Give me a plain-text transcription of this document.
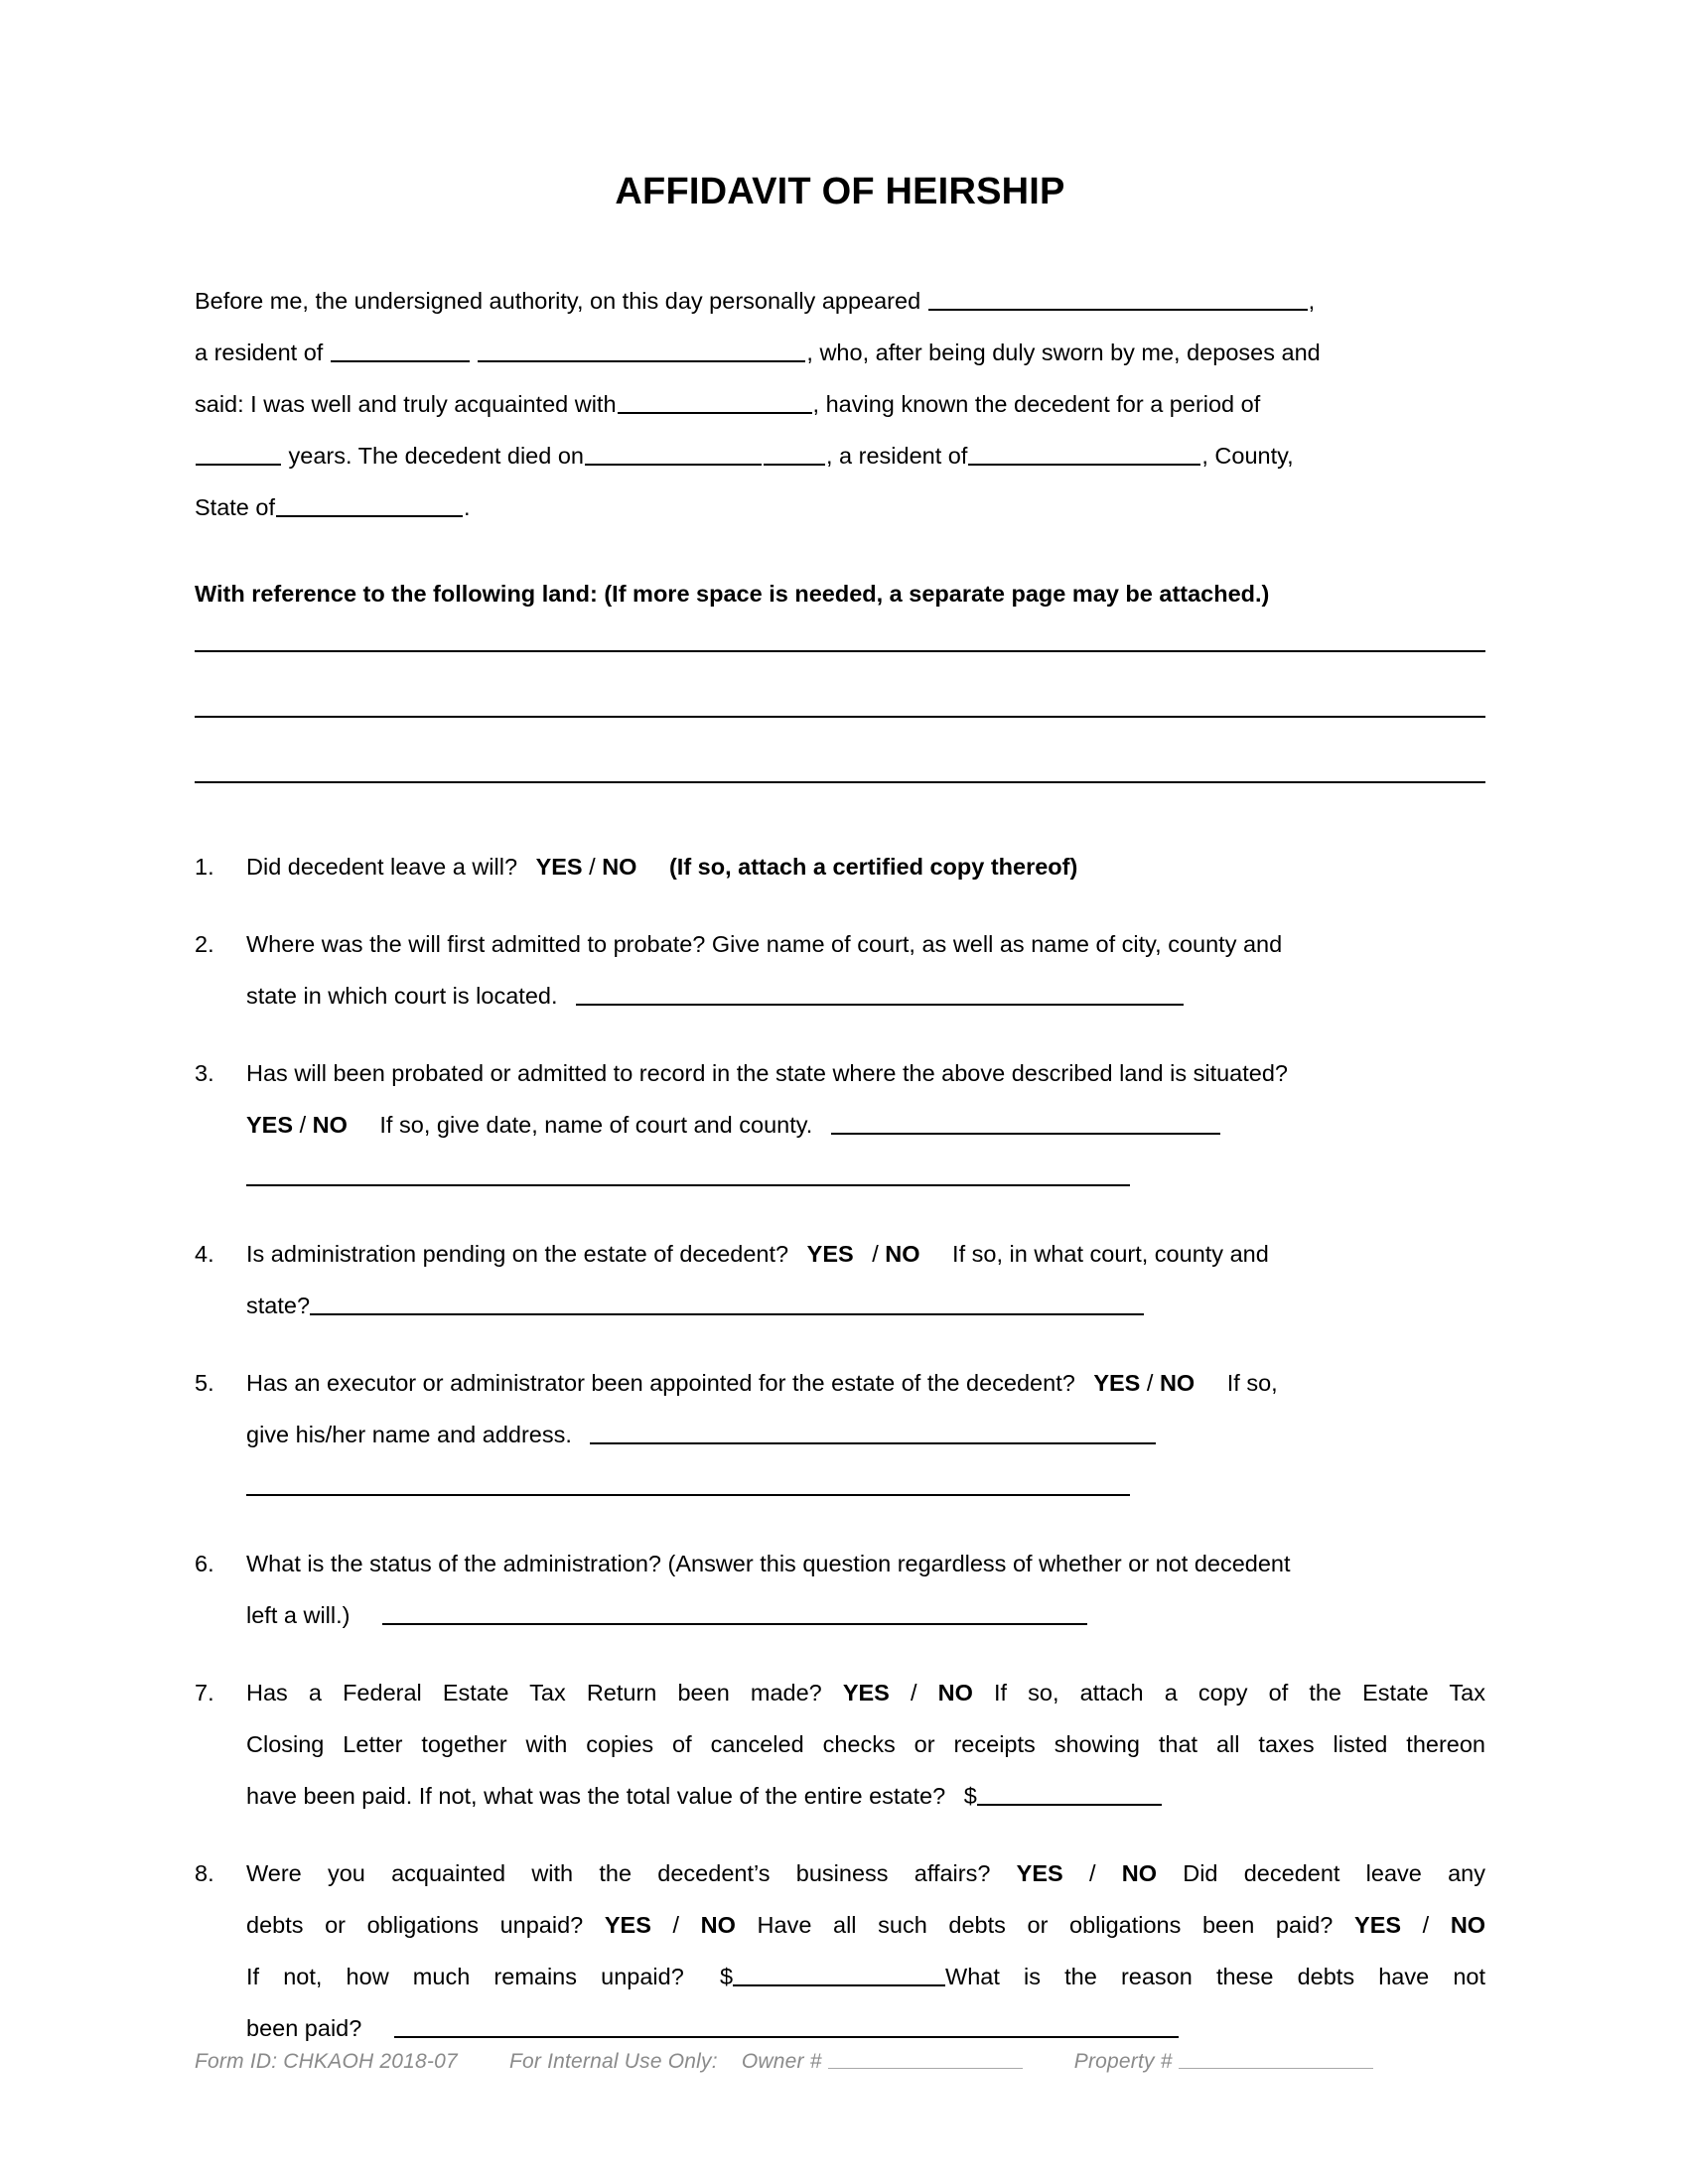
AFFIDAVIT OF HEIRSHIP
Before me, the undersigned authority, on this day personally appeared	,
a resident of	, who, after being duly sworn by me, deposes and
said: I was well and truly acquainted with	, having known the decedent for a period of
years. The decedent died on	, a resident of	, County,
State of	.
With reference to the following land: (If more space is needed, a separate page may be attached.)
1.	Did decedent leave a will? YES / NO (If so, attach a certified copy thereof)
2.	Where was the will first admitted to probate? Give name of court, as well as name of city, county and
state in which court is located.
3.	Has will been probated or admitted to record in the state where the above described land is situated?
YES / NO If so, give date, name of court and county.
4.	Is administration pending on the estate of decedent? YES / NO If so, in what court, county and
state?
5.	Has an executor or administrator been appointed for the estate of the decedent? YES / NO If so,
give his/her name and address.
6.	What is the status of the administration? (Answer this question regardless of whether or not decedent
left a will.)
7.	Has a Federal Estate Tax Return been made? YES / NO If so, attach a copy of the Estate Tax
Closing Letter together with copies of canceled checks or receipts showing that all taxes listed thereon
have been paid. If not, what was the total value of the entire estate? $
8.	Were you acquainted with the decedent’s business affairs? YES / NO Did decedent leave any
debts or obligations unpaid? YES / NO Have all such debts or obligations been paid? YES / NO
If not, how much remains unpaid? $	What is the reason these debts have not
been paid?
Form ID: CHKAOH 2018-07 For Internal Use Only: Owner #	Property #
